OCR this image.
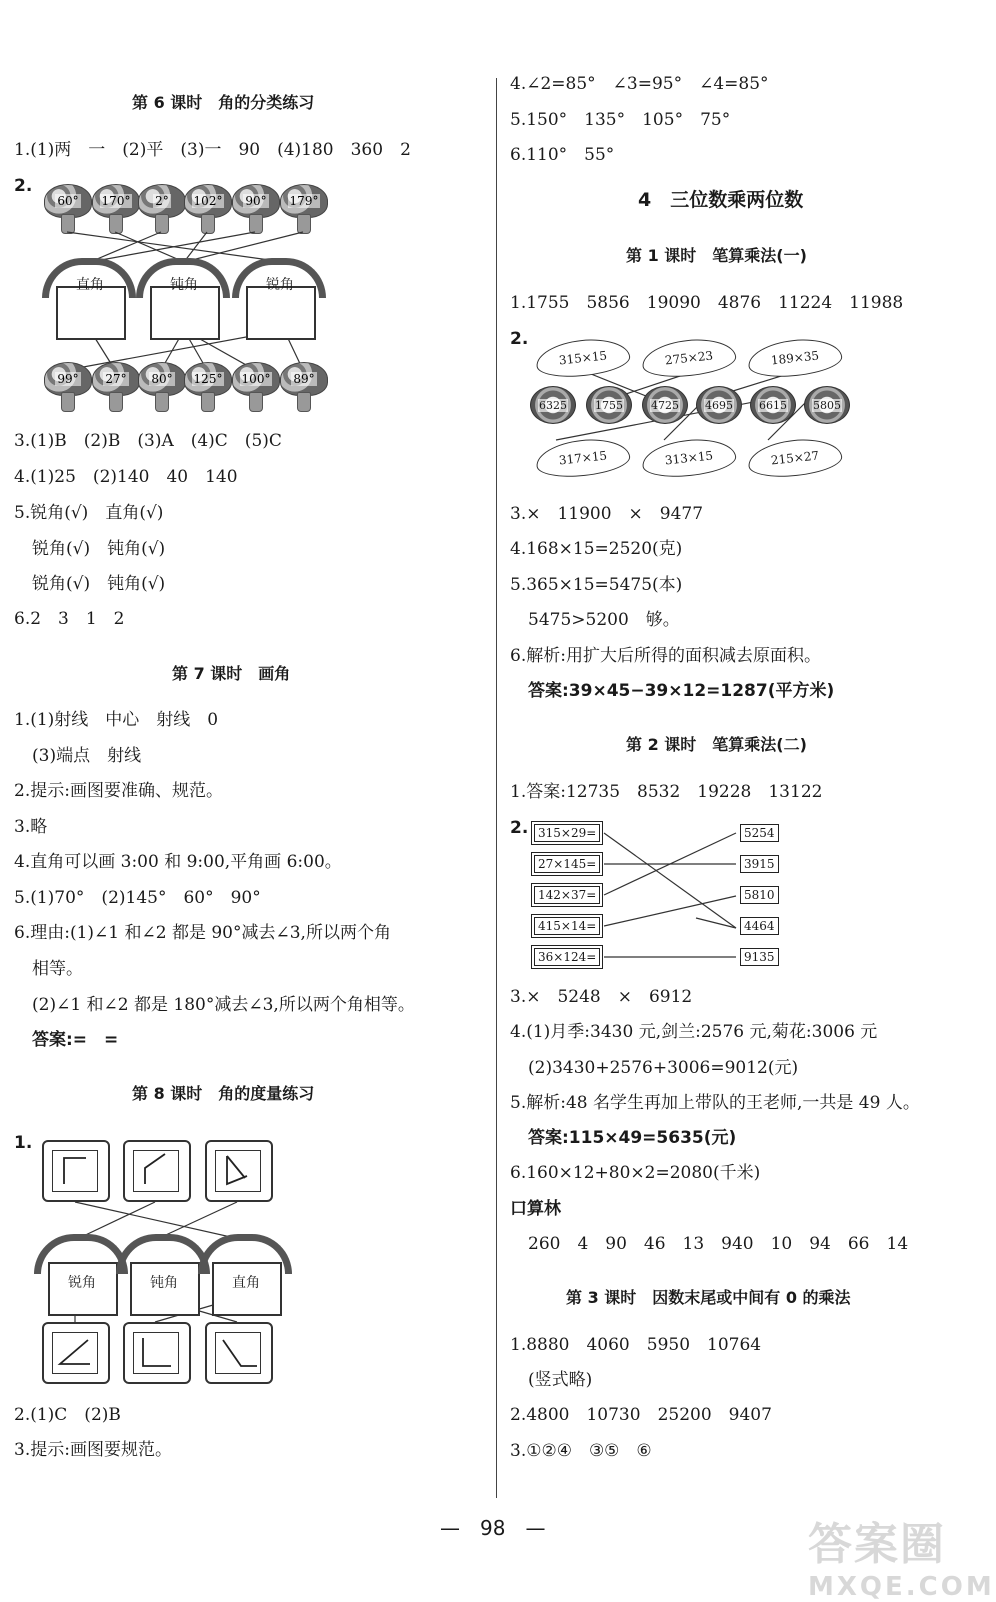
第 6 课时　角的分类练习
1.(1)两　一　(2)平　(3)一　90　(4)180　360　2
2.
60° 170° 2° 102° 90° 179°
直角	钝角	锐角
99° 27° 80° 125° 100° 89°
3.(1)B　(2)B　(3)A　(4)C　(5)C
4.(1)25　(2)140　40　140
5.锐角(√)　直角(√)
锐角(√)　钝角(√)
锐角(√)　钝角(√)
6.2　3　1　2
第 7 课时　画角
1.(1)射线　中心　射线　0
(3)端点　射线
2.提示:画图要准确、规范。
3.略
4.直角可以画 3:00 和 9:00,平角画 6:00。
5.(1)70°　(2)145°　60°　90°
6.理由:(1)∠1 和∠2 都是 90°减去∠3,所以两个角
相等。
(2)∠1 和∠2 都是 180°减去∠3,所以两个角相等。
答案:=　=
第 8 课时　角的度量练习
1.
锐角	钝角	直角
2.(1)C　(2)B
3.提示:画图要规范。
4.∠2=85°　∠3=95°　∠4=85°
5.150°　135°　105°　75°
6.110°　55°
4　三位数乘两位数
第 1 课时　笔算乘法(一)
1.1755　5856　19090　4876　11224　11988
2.
315×15	275×23	189×35
6325	1755	4725 4695 6615 5805
317×15	313×15	215×27
3.×　11900　×　9477
4.168×15=2520(克)
5.365×15=5475(本)
5475>5200　够。
6.解析:用扩大后所得的面积减去原面积。
答案:39×45−39×12=1287(平方米)
第 2 课时　笔算乘法(二)
1.答案:12735　8532　19228　13122
2. 315×29=
27×145=
142×37=
415×14=
36×124=
5254
3915
5810
4464
9135
3.×　5248　×　6912
4.(1)月季:3430 元,剑兰:2576 元,菊花:3006 元
(2)3430+2576+3006=9012(元)
5.解析:48 名学生再加上带队的王老师,一共是 49 人。
答案:115×49=5635(元)
6.160×12+80×2=2080(千米)
口算林
260　4　90　46　13　940　10　94　66　14
第 3 课时　因数末尾或中间有 0 的乘法
1.8880　4060　5950　10764
(竖式略)
2.4800　10730　25200　9407
3.①②④　③⑤　⑥
—　98　—	答案圈
MXQE.COM
